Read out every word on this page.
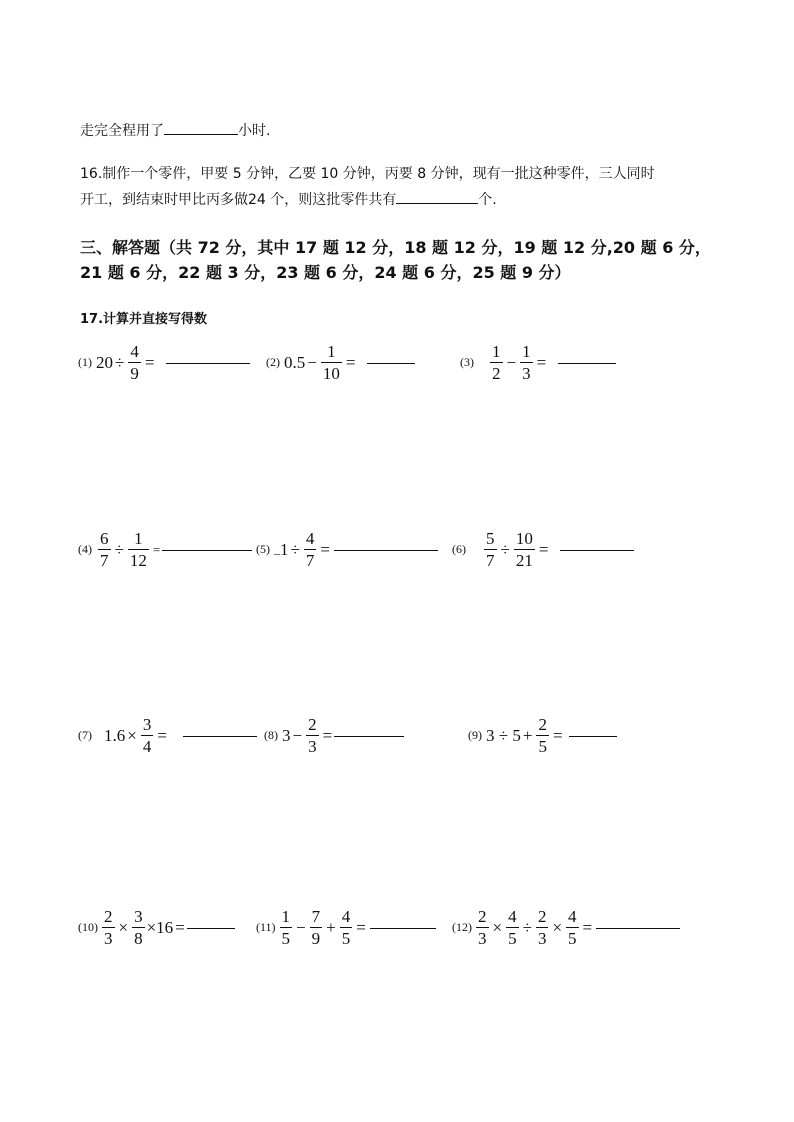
走完全程用了	小时.
16.制作一个零件，甲要 5 分钟，乙要 10 分钟，丙要 8 分钟，现有一批这种零件，三人同时
开工，到结束时甲比丙多做24 个，则这批零件共有	个.
三、解答题（共 72 分，其中 17 题 12 分，18 题 12 分，19 题 12 分,20 题 6 分，
21 题 6 分，22 题 3 分，23 题 6 分，24 题 6 分，25 题 9 分）
17.计算并直接写得数
(1) $20 \div \frac{4}{9}$ =	(2) $0.5 - \frac{1}{10}$ =	$(3) \frac{1}{2} - \frac{1}{3}$ =
$(4) \frac{6}{7} \div \frac{1}{12}$ =	(5) _ $1 \div \frac{4}{7}$ =	$(6) \frac{5}{7} \div \frac{10}{21}$ =
(7) $1.6 \times \frac{3}{4}$ =	(8) $3 - \frac{2}{3}$ =	(9) $3 \div 5 + \frac{2}{5}$ =
$(10) \frac{2}{3} \times \frac{3}{8} \times 16$ =	$(11) \frac{1}{5} - \frac{7}{9} + \frac{4}{5}$ =	$(12) \frac{2}{3} \times \frac{4}{5} \div \frac{2}{3} \times \frac{4}{5}$ =
